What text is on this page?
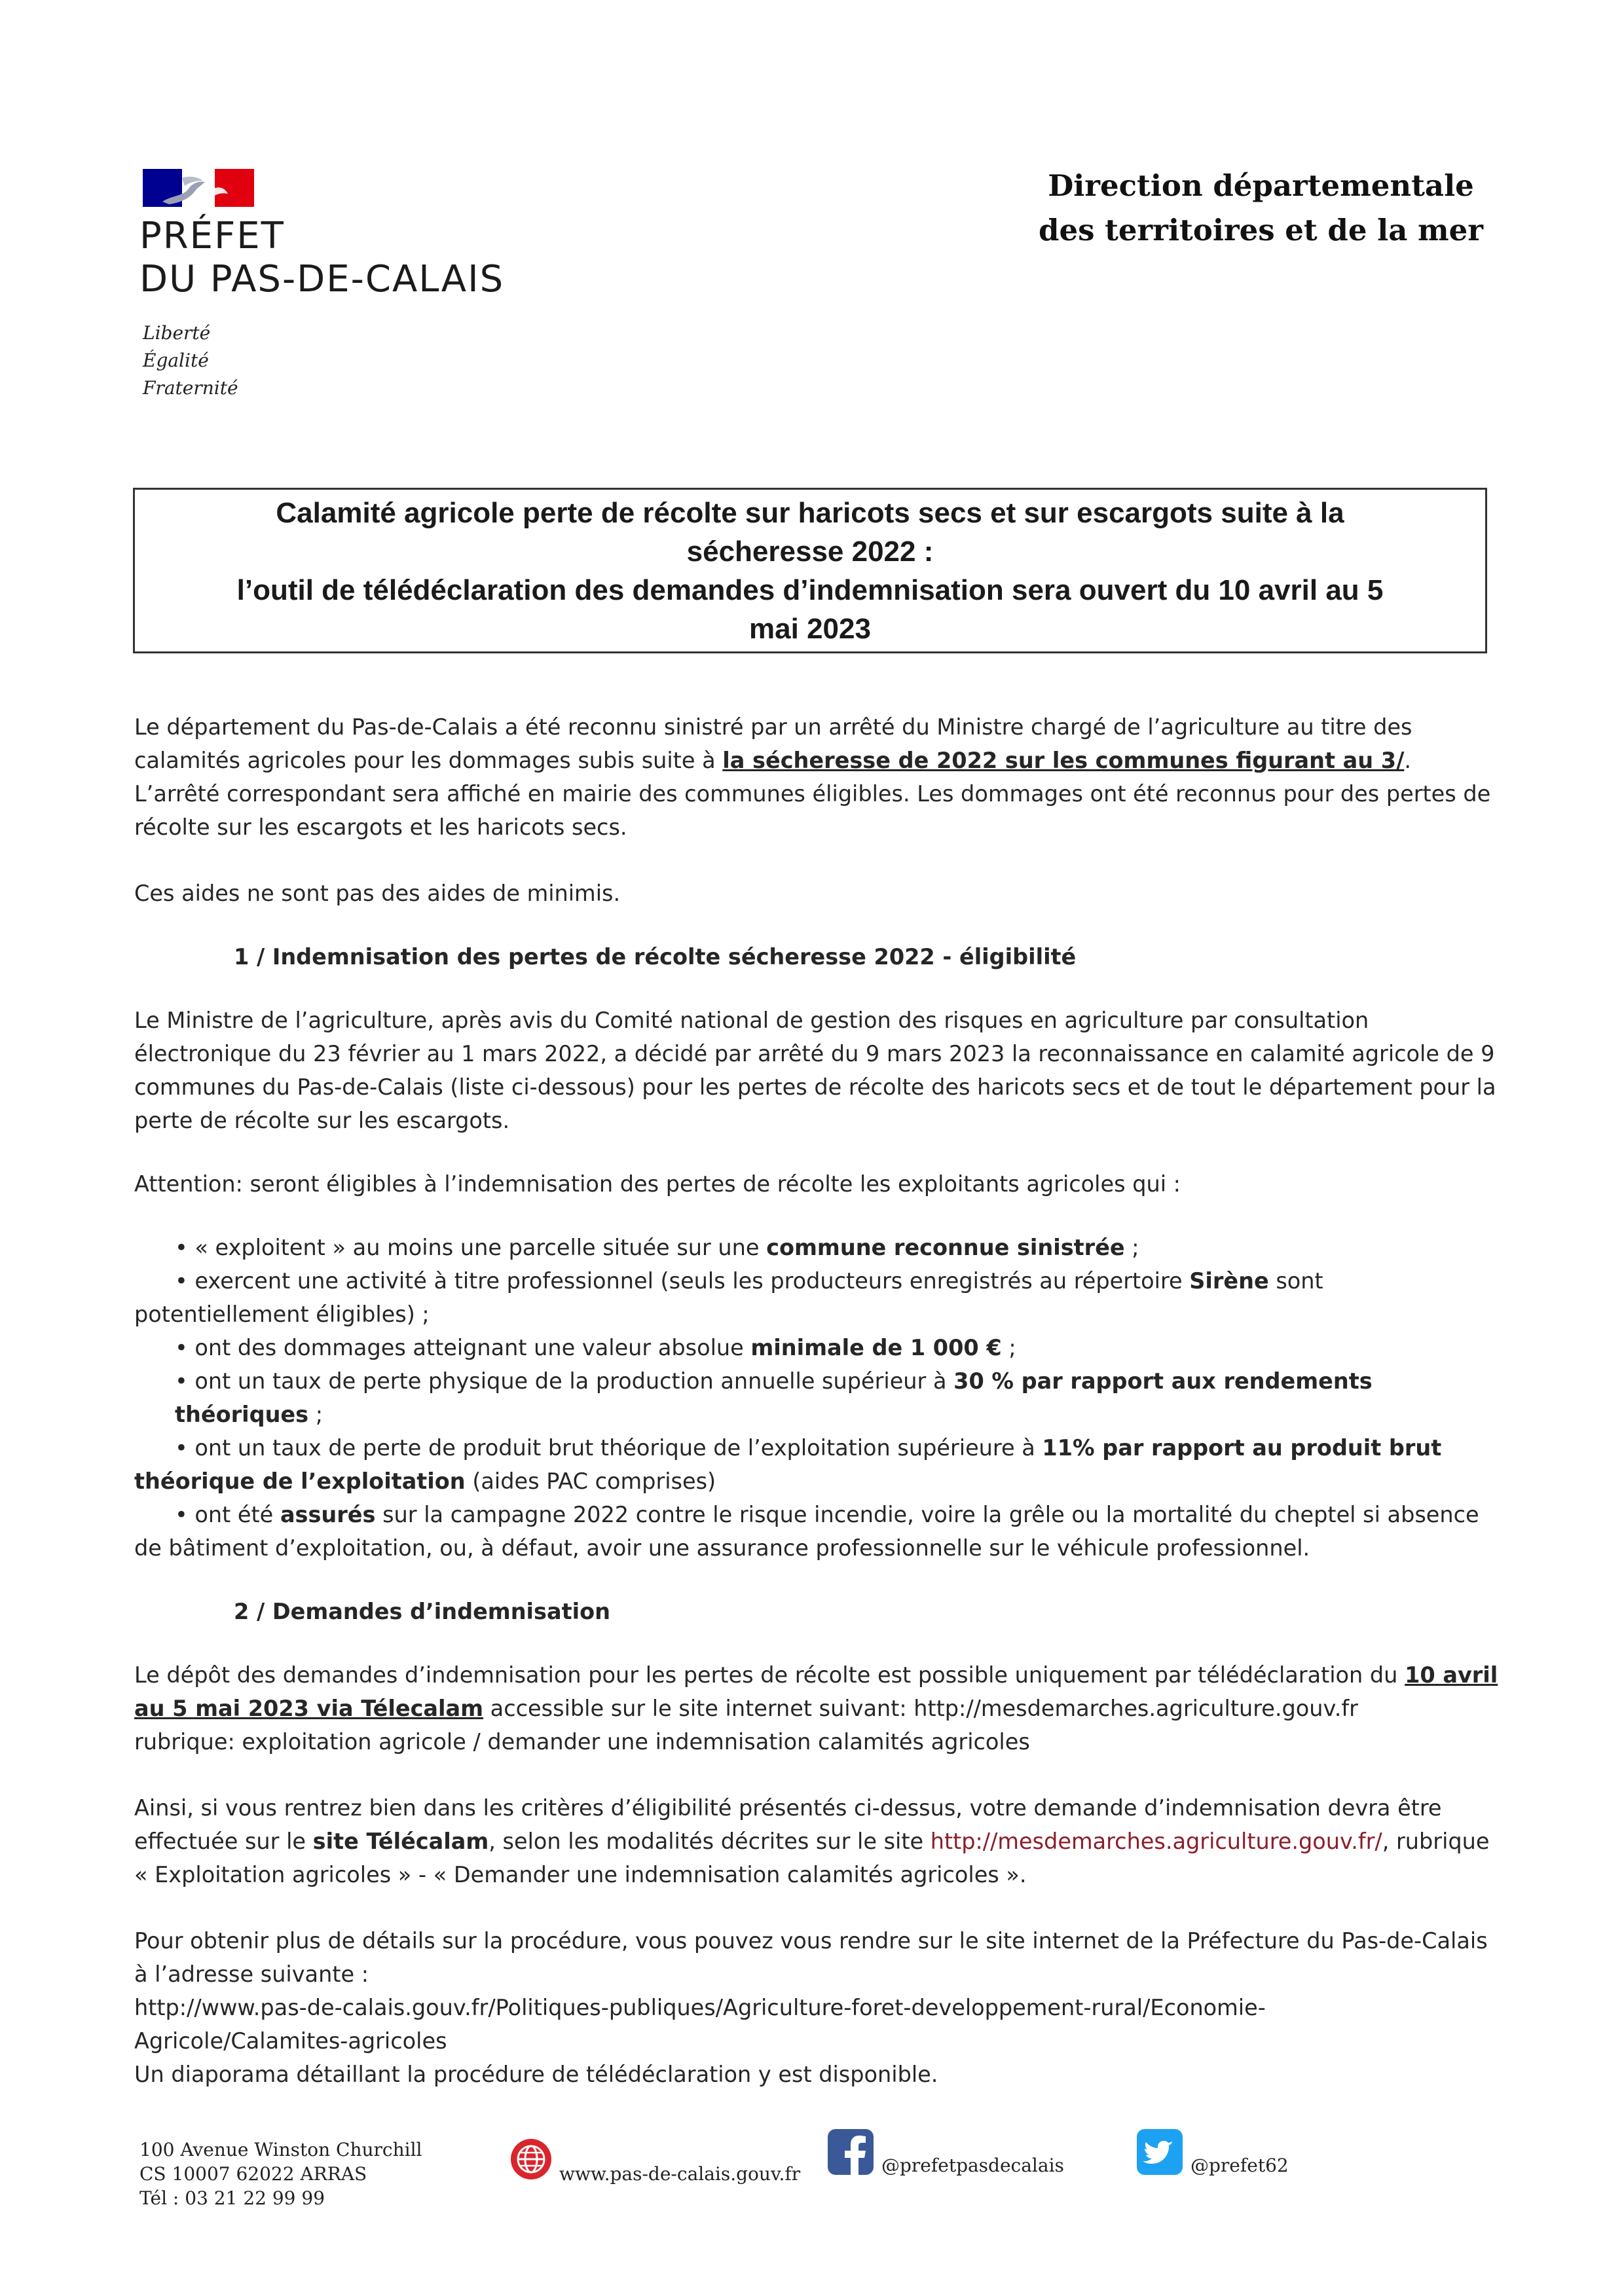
PRÉFET
DU PAS-DE-CALAIS
Liberté
Égalité
Fraternité
Direction départementale
des territoires et de la mer
Calamité agricole perte de récolte sur haricots secs et sur escargots suite à la
sécheresse 2022 :
l’outil de télédéclaration des demandes d’indemnisation sera ouvert du 10 avril au 5
mai 2023

Le département du Pas-de-Calais a été reconnu sinistré par un arrêté du Ministre chargé de l’agriculture au titre des calamités agricoles pour les dommages subis suite à la sécheresse de 2022 sur les communes figurant au 3/. L’arrêté correspondant sera affiché en mairie des communes éligibles. Les dommages ont été reconnus pour des pertes de récolte sur les escargots et les haricots secs.

Ces aides ne sont pas des aides de minimis.

1 / Indemnisation des pertes de récolte sécheresse 2022 - éligibilité

Le Ministre de l’agriculture, après avis du Comité national de gestion des risques en agriculture par consultation électronique du 23 février au 1 mars 2022, a décidé par arrêté du 9 mars 2023 la reconnaissance en calamité agricole de 9 communes du Pas-de-Calais (liste ci-dessous) pour les pertes de récolte des haricots secs et de tout le département pour la perte de récolte sur les escargots.

Attention: seront éligibles à l’indemnisation des pertes de récolte les exploitants agricoles qui :

• « exploitent » au moins une parcelle située sur une commune reconnue sinistrée ;

• exercent une activité à titre professionnel (seuls les producteurs enregistrés au répertoire Sirène sont potentiellement éligibles) ;

• ont des dommages atteignant une valeur absolue minimale de 1 000 € ;

• ont un taux de perte physique de la production annuelle supérieur à 30 % par rapport aux rendements théoriques ;

• ont un taux de perte de produit brut théorique de l’exploitation supérieure à 11% par rapport au produit brut théorique de l’exploitation (aides PAC comprises)

• ont été assurés sur la campagne 2022 contre le risque incendie, voire la grêle ou la mortalité du cheptel si absence de bâtiment d’exploitation, ou, à défaut, avoir une assurance professionnelle sur le véhicule professionnel.

2 / Demandes d’indemnisation

Le dépôt des demandes d’indemnisation pour les pertes de récolte est possible uniquement par télédéclaration du 10 avril au 5 mai 2023 via Télecalam accessible sur le site internet suivant: http://mesdemarches.agriculture.gouv.fr
rubrique: exploitation agricole / demander une indemnisation calamités agricoles

Ainsi, si vous rentrez bien dans les critères d’éligibilité présentés ci-dessus, votre demande d’indemnisation devra être effectuée sur le site Télécalam, selon les modalités décrites sur le site http://mesdemarches.agriculture.gouv.fr/, rubrique « Exploitation agricoles » - « Demander une indemnisation calamités agricoles ».

Pour obtenir plus de détails sur la procédure, vous pouvez vous rendre sur le site internet de la Préfecture du Pas-de-Calais à l’adresse suivante :
http://www.pas-de-calais.gouv.fr/Politiques-publiques/Agriculture-foret-developpement-rural/Economie-
Agricole/Calamites-agricoles
Un diaporama détaillant la procédure de télédéclaration y est disponible.

100 Avenue Winston Churchill
CS 10007 62022 ARRAS
Tél : 03 21 22 99 99
www.pas-de-calais.gouv.fr	@prefetpasdecalais	@prefet62
